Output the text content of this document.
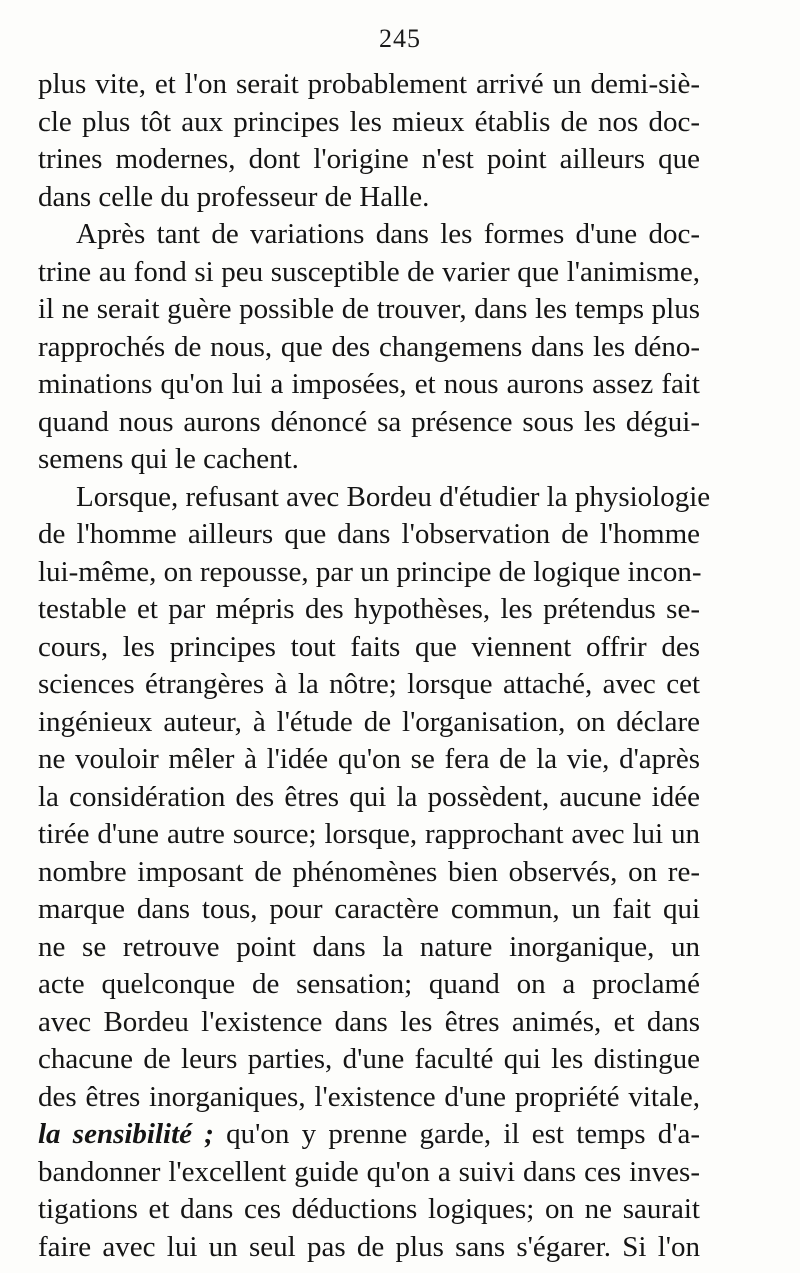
245
plus vite, et l'on serait probablement arrivé un demi-siè-
cle plus tôt aux principes les mieux établis de nos doc-
trines modernes, dont l'origine n'est point ailleurs que
dans celle du professeur de Halle.
Après tant de variations dans les formes d'une doc-
trine au fond si peu susceptible de varier que l'animisme,
il ne serait guère possible de trouver, dans les temps plus
rapprochés de nous, que des changemens dans les déno-
minations qu'on lui a imposées, et nous aurons assez fait
quand nous aurons dénoncé sa présence sous les dégui-
semens qui le cachent.
Lorsque, refusant avec Bordeu d'étudier la physiologie
de l'homme ailleurs que dans l'observation de l'homme
lui-même, on repousse, par un principe de logique incon-
testable et par mépris des hypothèses, les prétendus se-
cours, les principes tout faits que viennent offrir des
sciences étrangères à la nôtre; lorsque attaché, avec cet
ingénieux auteur, à l'étude de l'organisation, on déclare
ne vouloir mêler à l'idée qu'on se fera de la vie, d'après
la considération des êtres qui la possèdent, aucune idée
tirée d'une autre source; lorsque, rapprochant avec lui un
nombre imposant de phénomènes bien observés, on re-
marque dans tous, pour caractère commun, un fait qui
ne se retrouve point dans la nature inorganique, un
acte quelconque de sensation; quand on a proclamé
avec Bordeu l'existence dans les êtres animés, et dans
chacune de leurs parties, d'une faculté qui les distingue
des êtres inorganiques, l'existence d'une propriété vitale,
la sensibilité ; qu'on y prenne garde, il est temps d'a-
bandonner l'excellent guide qu'on a suivi dans ces inves-
tigations et dans ces déductions logiques; on ne saurait
faire avec lui un seul pas de plus sans s'égarer. Si l'on
